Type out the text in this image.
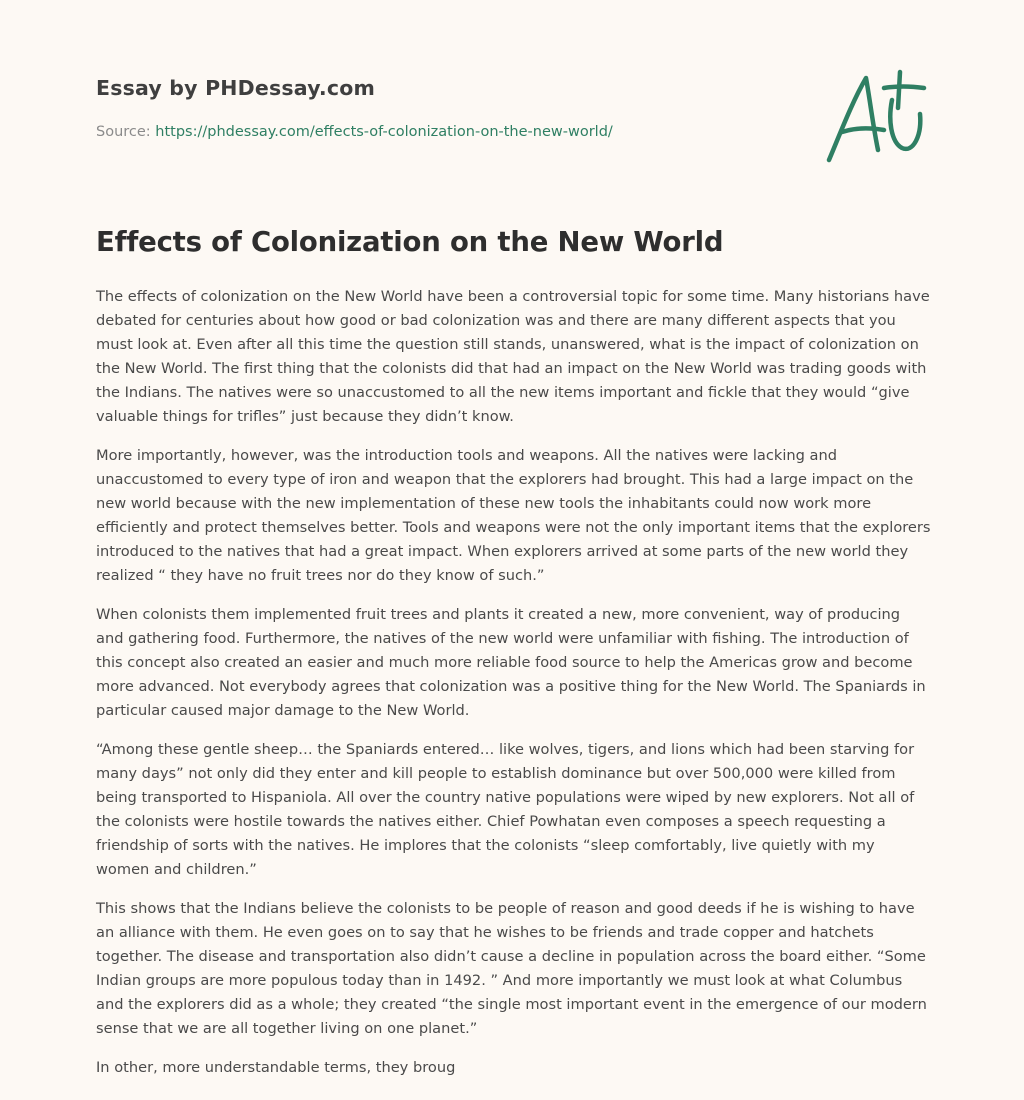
Essay by PHDessay.com
Source: https://phdessay.com/effects-of-colonization-on-the-new-world/
Effects of Colonization on the New World

The effects of colonization on the New World have been a controversial topic for some time. Many historians have debated for centuries about how good or bad colonization was and there are many different aspects that you must look at. Even after all this time the question still stands, unanswered, what is the impact of colonization on the New World. The first thing that the colonists did that had an impact on the New World was trading goods with the Indians. The natives were so unaccustomed to all the new items important and fickle that they would “give valuable things for trifles” just because they didn’t know.

More importantly, however, was the introduction tools and weapons. All the natives were lacking and unaccustomed to every type of iron and weapon that the explorers had brought. This had a large impact on the new world because with the new implementation of these new tools the inhabitants could now work more efficiently and protect themselves better. Tools and weapons were not the only important items that the explorers introduced to the natives that had a great impact. When explorers arrived at some parts of the new world they realized “ they have no fruit trees nor do they know of such.”

When colonists them implemented fruit trees and plants it created a new, more convenient, way of producing and gathering food. Furthermore, the natives of the new world were unfamiliar with fishing. The introduction of this concept also created an easier and much more reliable food source to help the Americas grow and become more advanced. Not everybody agrees that colonization was a positive thing for the New World. The Spaniards in particular caused major damage to the New World.

“Among these gentle sheep… the Spaniards entered… like wolves, tigers, and lions which had been starving for many days” not only did they enter and kill people to establish dominance but over 500,000 were killed from being transported to Hispaniola. All over the country native populations were wiped by new explorers. Not all of the colonists were hostile towards the natives either. Chief Powhatan even composes a speech requesting a friendship of sorts with the natives. He implores that the colonists “sleep comfortably, live quietly with my women and children.”

This shows that the Indians believe the colonists to be people of reason and good deeds if he is wishing to have an alliance with them. He even goes on to say that he wishes to be friends and trade copper and hatchets together. The disease and transportation also didn’t cause a decline in population across the board either. “Some Indian groups are more populous today than in 1492. ” And more importantly we must look at what Columbus and the explorers did as a whole; they created “the single most important event in the emergence of our modern sense that we are all together living on one planet.”

In other, more understandable terms, they broug
